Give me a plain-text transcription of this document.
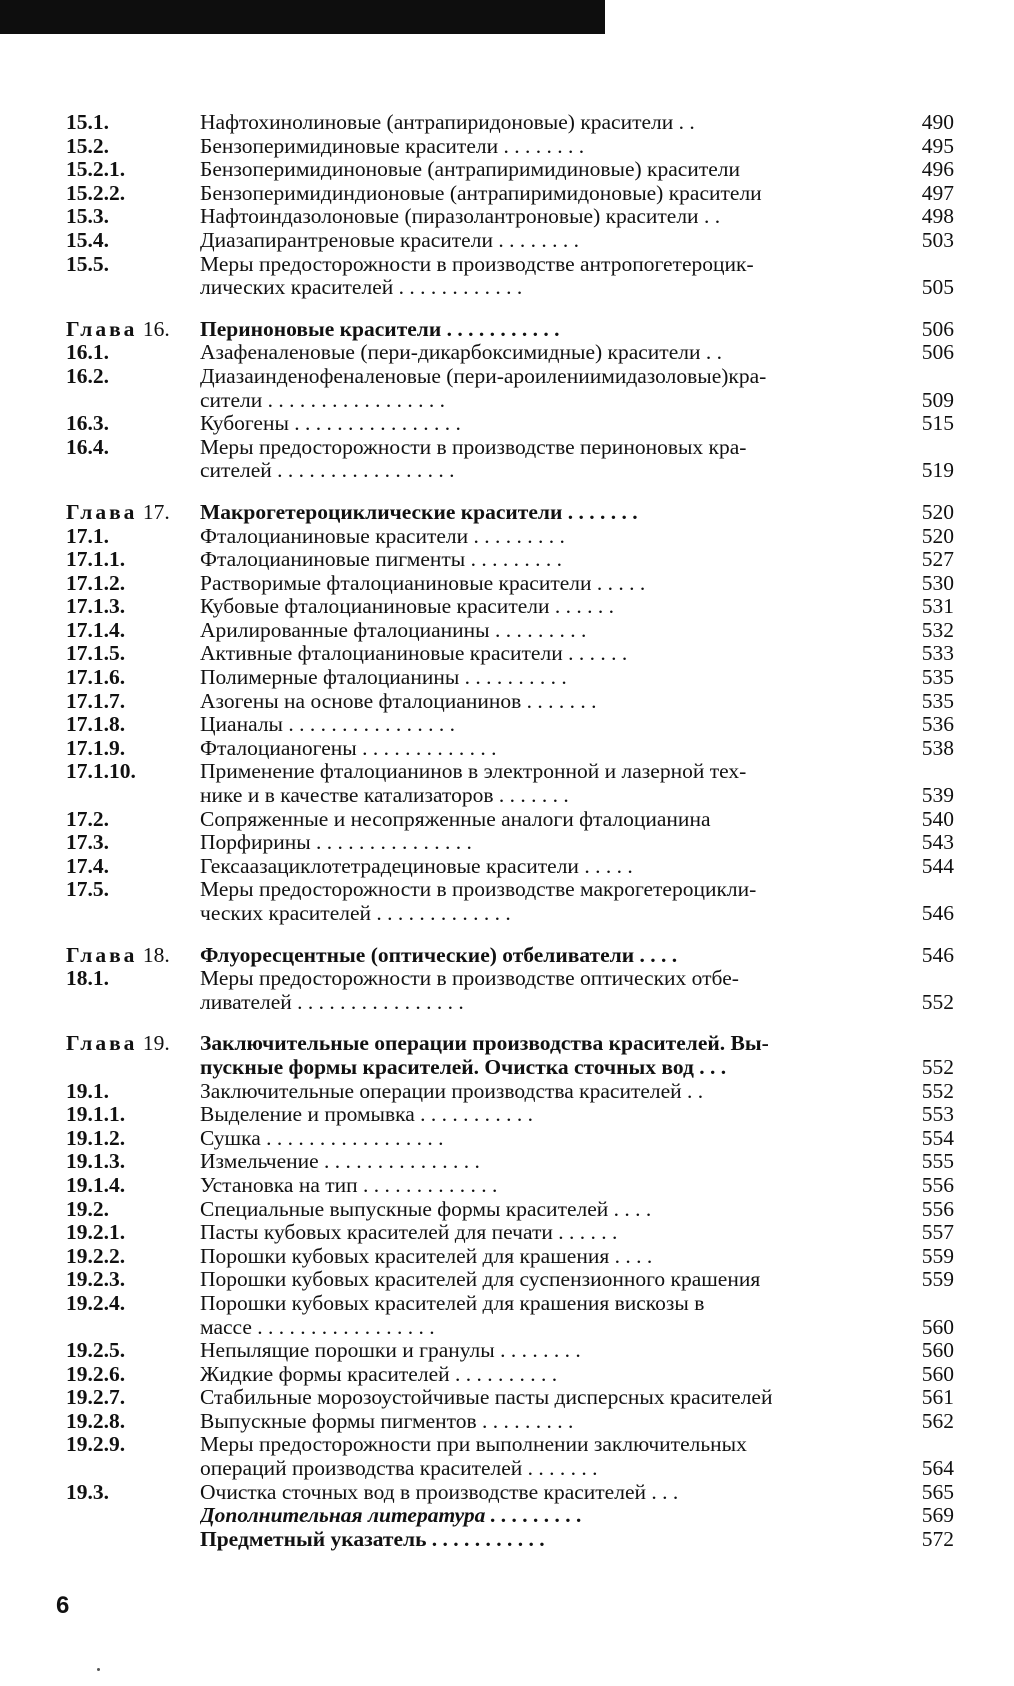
15.1.	Нафтохинолиновые (антрапиридоновые) красители . .	490
15.2.	Бензоперимидиновые красители . . . . . . . .	495
15.2.1.	Бензоперимидиноновые (антрапиримидиновые) красители	496
15.2.2.	Бензоперимидиндионовые (антрапиримидоновые) красители	497
15.3.	Нафтоиндазолоновые (пиразолантроновые) красители . .	498
15.4.	Диазапирантреновые красители . . . . . . . .	503
15.5.	Меры предосторожности в производстве антропогетероцик-
лических красителей . . . . . . . . . . . .	505
Глава 16.	Периноновые красители . . . . . . . . . . .	506
16.1.	Азафеналеновые (пери-дикарбоксимидные) красители . .	506
16.2.	Диазаинденофеналеновые (пери-ароилениимидазоловые)кра-
сители . . . . . . . . . . . . . . . . .	509
16.3.	Кубогены . . . . . . . . . . . . . . . .	515
16.4.	Меры предосторожности в производстве периноновых кра-
сителей . . . . . . . . . . . . . . . . .	519
Глава 17.	Макрогетероциклические красители . . . . . . .	520
17.1.	Фталоцианиновые красители . . . . . . . . .	520
17.1.1.	Фталоцианиновые пигменты . . . . . . . . .	527
17.1.2.	Растворимые фталоцианиновые красители . . . . .	530
17.1.3.	Кубовые фталоцианиновые красители . . . . . .	531
17.1.4.	Арилированные фталоцианины . . . . . . . . .	532
17.1.5.	Активные фталоцианиновые красители . . . . . .	533
17.1.6.	Полимерные фталоцианины . . . . . . . . . .	535
17.1.7.	Азогены на основе фталоцианинов . . . . . . .	535
17.1.8.	Цианалы . . . . . . . . . . . . . . . .	536
17.1.9.	Фталоцианогены . . . . . . . . . . . . .	538
17.1.10.	Применение фталоцианинов в электронной и лазерной тех-
нике и в качестве катализаторов . . . . . . .	539
17.2.	Сопряженные и несопряженные аналоги фталоцианина	540
17.3.	Порфирины . . . . . . . . . . . . . . .	543
17.4.	Гексаазациклотетрадециновые красители . . . . .	544
17.5.	Меры предосторожности в производстве макрогетероцикли-
ческих красителей . . . . . . . . . . . . .	546
Глава 18.	Флуоресцентные (оптические) отбеливатели . . . .	546
18.1.	Меры предосторожности в производстве оптических отбе-
ливателей . . . . . . . . . . . . . . . .	552
Глава 19.	Заключительные операции производства красителей. Вы-
пускные формы красителей. Очистка сточных вод . . .	552
19.1.	Заключительные операции производства красителей . .	552
19.1.1.	Выделение и промывка . . . . . . . . . . .	553
19.1.2.	Сушка . . . . . . . . . . . . . . . . .	554
19.1.3.	Измельчение . . . . . . . . . . . . . . .	555
19.1.4.	Установка на тип . . . . . . . . . . . . .	556
19.2.	Специальные выпускные формы красителей . . . .	556
19.2.1.	Пасты кубовых красителей для печати . . . . . .	557
19.2.2.	Порошки кубовых красителей для крашения . . . .	559
19.2.3.	Порошки кубовых красителей для суспензионного крашения	559
19.2.4.	Порошки кубовых красителей для крашения вискозы в
массе . . . . . . . . . . . . . . . . .	560
19.2.5.	Непылящие порошки и гранулы . . . . . . . .	560
19.2.6.	Жидкие формы красителей . . . . . . . . . .	560
19.2.7.	Стабильные морозоустойчивые пасты дисперсных красителей	561
19.2.8.	Выпускные формы пигментов . . . . . . . . .	562
19.2.9.	Меры предосторожности при выполнении заключительных
операций производства красителей . . . . . . .	564
19.3.	Очистка сточных вод в производстве красителей . . .	565
Дополнительная литература . . . . . . . . .	569
Предметный указатель . . . . . . . . . . .	572
6
